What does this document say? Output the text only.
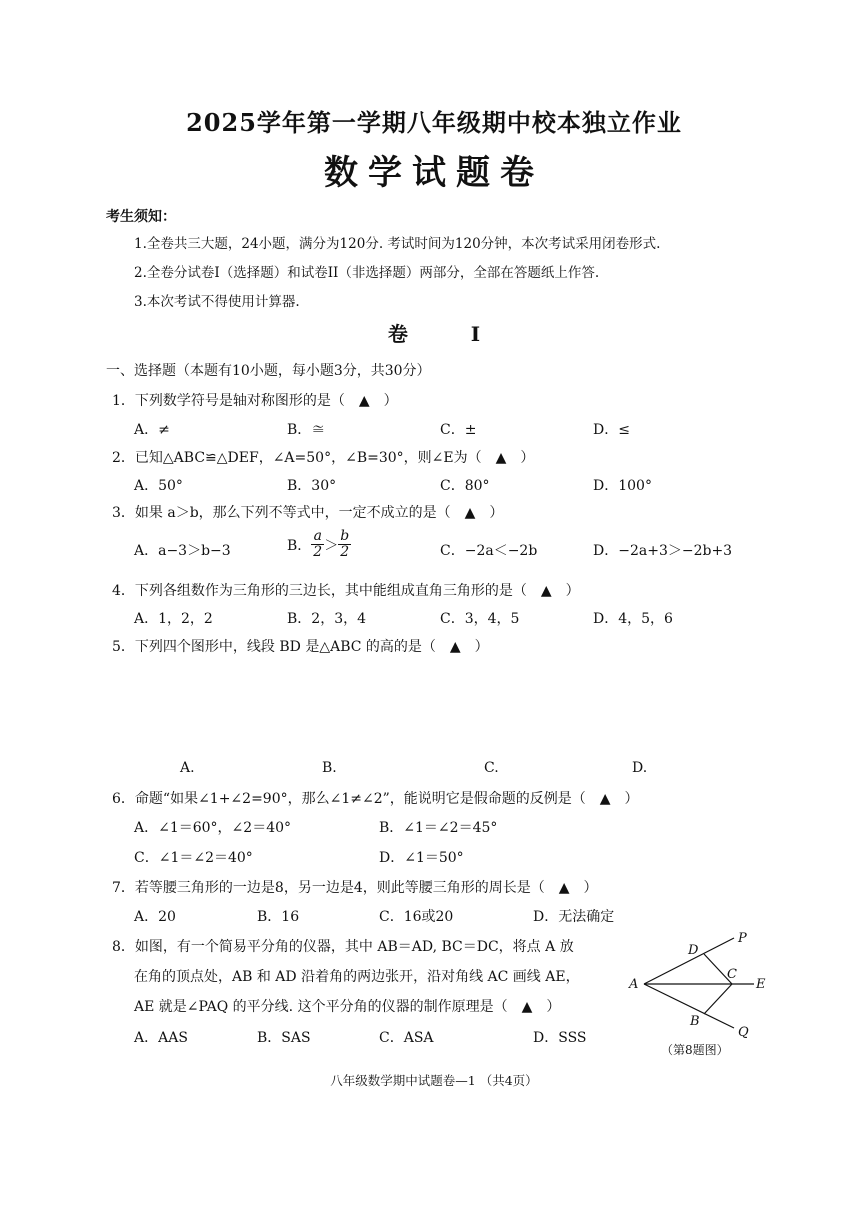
2025学年第一学期八年级期中校本独立作业
数学试题卷
考生须知：
1.全卷共三大题，24小题，满分为120分. 考试时间为120分钟，本次考试采用闭卷形式.
2.全卷分试卷I（选择题）和试卷II（非选择题）两部分，全部在答题纸上作答.
3.本次考试不得使用计算器.
卷 I
一、选择题（本题有10小题，每小题3分，共30分）
1．下列数学符号是轴对称图形的是（　▲　）
A．≠	B．≅	C．±	D．≤
2．已知△ABC≌△DEF，∠A=50°，∠B=30°，则∠E为（　▲　）
A．50°	B．30°	C．80°	D．100°
3．如果 a＞b，那么下列不等式中，一定不成立的是（　▲　）
A．a−3＞b−3	B． $\frac{a}{2} > \frac{b}{2}$	C．−2a＜−2b	D．−2a+3＞−2b+3
4．下列各组数作为三角形的三边长，其中能组成直角三角形的是（　▲　）
A．1，2，2	B．2，3，4	C．3，4，5	D．4，5，6
5．下列四个图形中，线段 BD 是△ABC 的高的是（　▲　）
A.	B.	C.	D.
6．命题“如果∠1+∠2=90°，那么∠1≠∠2”，能说明它是假命题的反例是（　▲　）
A．∠1＝60°，∠2＝40°	B．∠1＝∠2＝45°
C．∠1＝∠2＝40°	D．∠1＝50°
7．若等腰三角形的一边是8，另一边是4，则此等腰三角形的周长是（　▲　）
A．20	B．16	C．16或20	D．无法确定
8．如图，有一个简易平分角的仪器，其中 AB＝AD, BC＝DC，将点 A 放
在角的顶点处，AB 和 AD 沿着角的两边张开，沿对角线 AC 画线 AE，
AE 就是∠PAQ 的平分线. 这个平分角的仪器的制作原理是（　▲　）
A．AAS	B．SAS	C．ASA	D．SSS
A
D
P
C
E
B
Q
（第8题图）
八年级数学期中试题卷—1 （共4页）
